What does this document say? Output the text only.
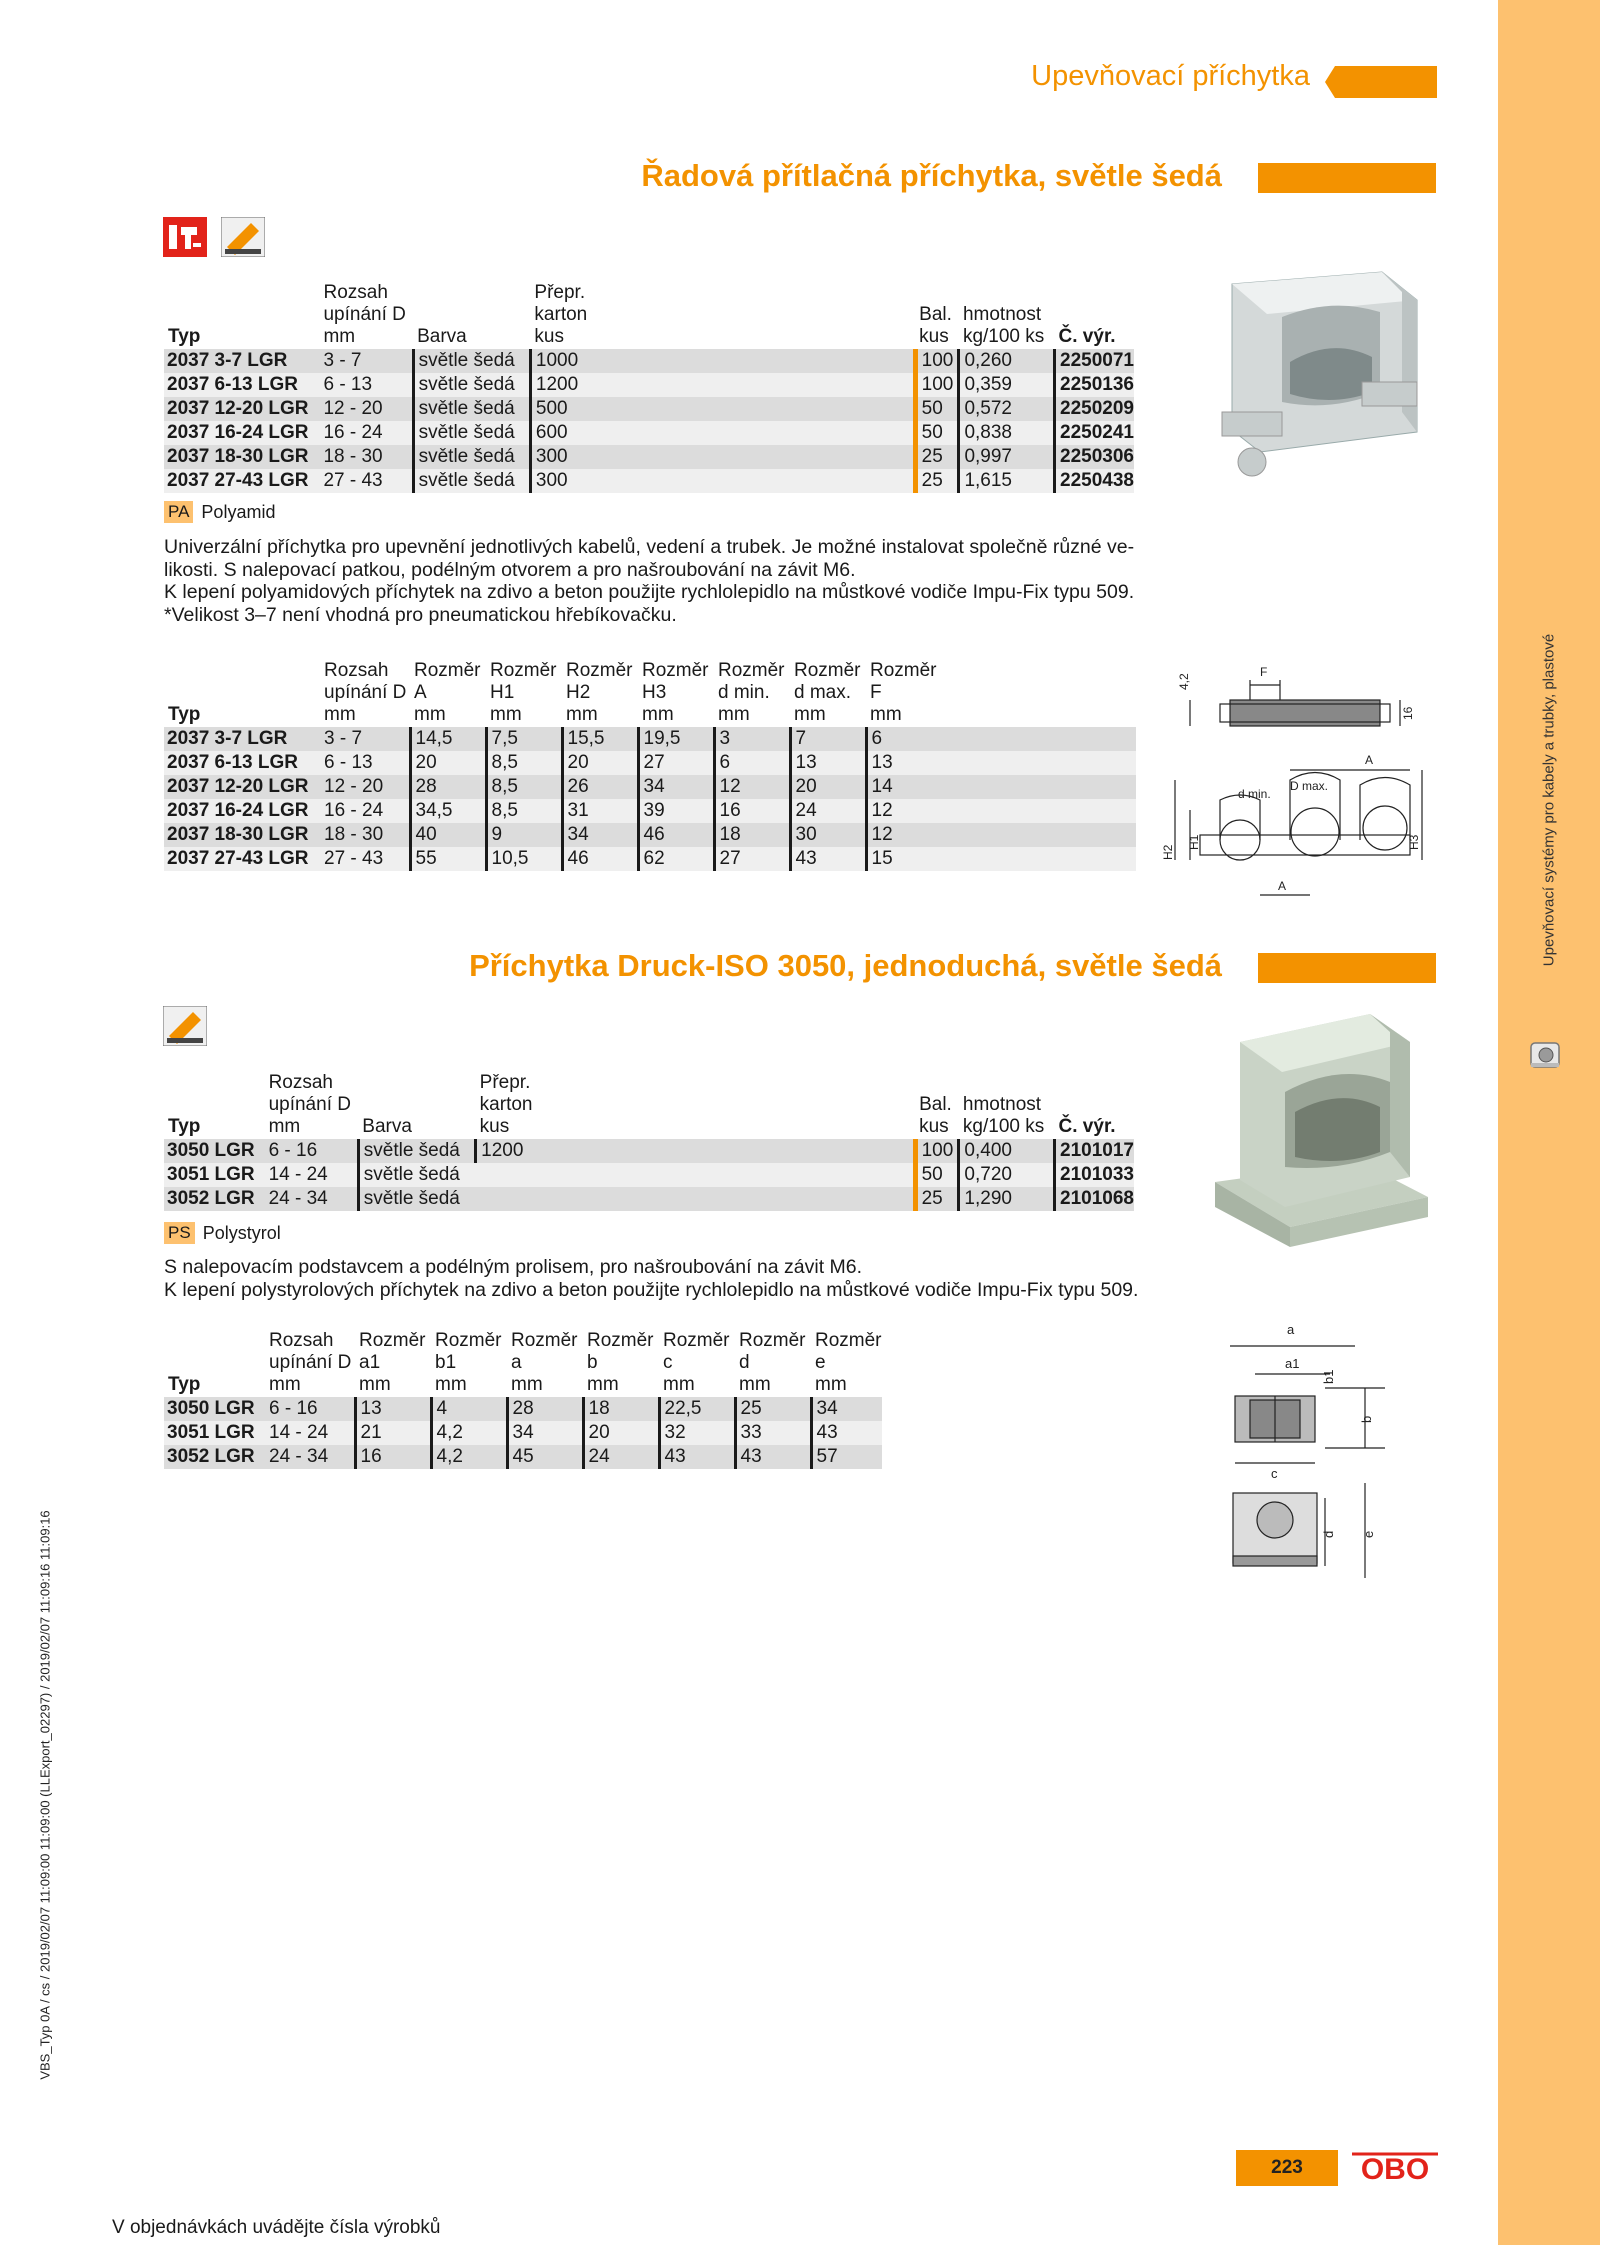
Upevňovací systémy pro kabely a trubky, plastové
VBS_Typ 0A / cs / 2019/02/07 11:09:00 11:09:00 (LLExport_02297) / 2019/02/07 11:09:16 11:09:16
Upevňovací příchytka
Řadová přítlačná příchytka, světle šedá
Typ	Rozsah
upínání D
mm	Barva	Přepr.
karton
kus		Bal.
kus	hmotnost
kg/100 ks	Č. výr.
2037 3-7 LGR	3 - 7	světle šedá	1000		100	0,260	2250071
2037 6-13 LGR	6 - 13	světle šedá	1200		100	0,359	2250136
2037 12-20 LGR	12 - 20	světle šedá	500		50	0,572	2250209
2037 16-24 LGR	16 - 24	světle šedá	600		50	0,838	2250241
2037 18-30 LGR	18 - 30	světle šedá	300		25	0,997	2250306
2037 27-43 LGR	27 - 43	světle šedá	300		25	1,615	2250438
PA Polyamid

Univerzální příchytka pro upevnění jednotlivých kabelů, vedení a trubek. Je možné instalovat společně různé ve-

likosti. S nalepovací patkou, podélným otvorem a pro našroubování na závit M6.

K lepení polyamidových příchytek na zdivo a beton použijte rychlolepidlo na můstkové vodiče Impu-Fix typu 509.

*Velikost 3–7 není vhodná pro pneumatickou hřebíkovačku.

Typ	Rozsah
upínání D
mm	Rozměr
A
mm	Rozměr
H1
mm	Rozměr
H2
mm	Rozměr
H3
mm	Rozměr
d min.
mm	Rozměr
d max.
mm	Rozměr
F
mm
2037 3-7 LGR	3 - 7	14,5	7,5	15,5	19,5	3	7	6
2037 6-13 LGR	6 - 13	20	8,5	20	27	6	13	13
2037 12-20 LGR	12 - 20	28	8,5	26	34	12	20	14
2037 16-24 LGR	16 - 24	34,5	8,5	31	39	16	24	12
2037 18-30 LGR	18 - 30	40	9	34	46	18	30	12
2037 27-43 LGR	27 - 43	55	10,5	46	62	27	43	15
4,2
F
16
A
d min.
D max.
H2
H1	H3
A
Příchytka Druck-ISO 3050, jednoduchá, světle šedá
Typ	Rozsah
upínání D
mm	Barva	Přepr.
karton
kus		Bal.
kus	hmotnost
kg/100 ks	Č. výr.
3050 LGR	6 - 16	světle šedá	1200		100	0,400	2101017
3051 LGR	14 - 24	světle šedá			50	0,720	2101033
3052 LGR	24 - 34	světle šedá			25	1,290	2101068
PS Polystyrol

S nalepovacím podstavcem a podélným prolisem, pro našroubování na závit M6.

K lepení polystyrolových příchytek na zdivo a beton použijte rychlolepidlo na můstkové vodiče Impu-Fix typu 509.

Typ	Rozsah
upínání D
mm	Rozměr
a1
mm	Rozměr
b1
mm	Rozměr
a
mm	Rozměr
b
mm	Rozměr
c
mm	Rozměr
d
mm	Rozměr
e
mm
3050 LGR	6 - 16	13	4	28	18	22,5	25	34
3051 LGR	14 - 24	21	4,2	34	20	32	33	43
3052 LGR	24 - 34	16	4,2	45	24	43	43	57
a
a1
b1
b
c
d e
V objednávkách uvádějte čísla výrobků
223	OBO
